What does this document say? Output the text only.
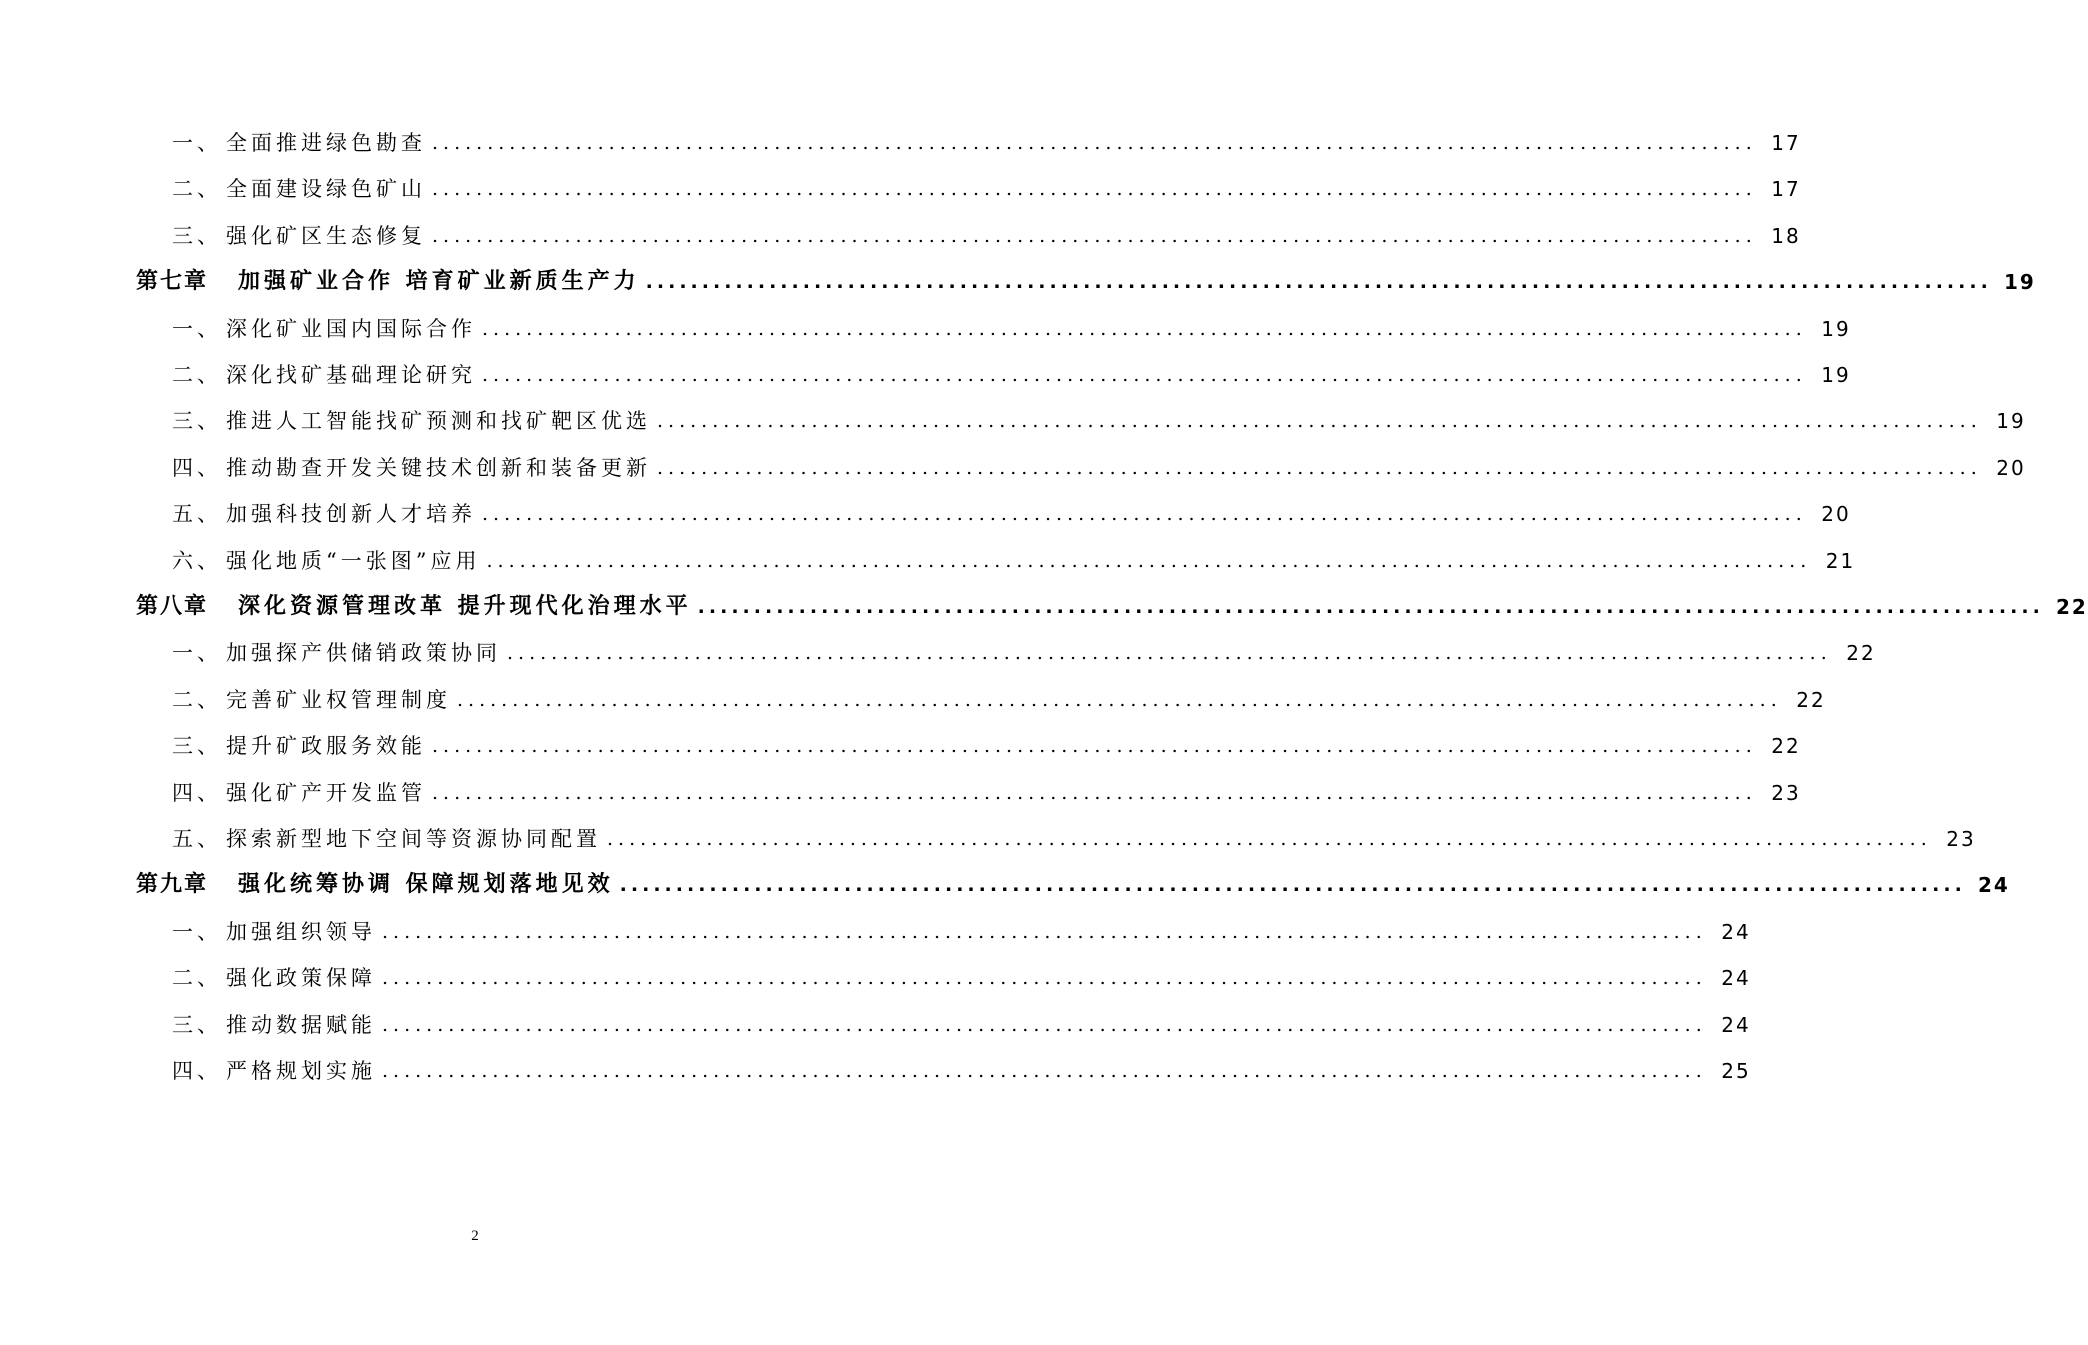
一、 全面推进绿色勘查 ........................................................................................................................ 17
二、 全面建设绿色矿山 ........................................................................................................................ 17
三、 强化矿区生态修复 ........................................................................................................................ 18
第七章	加强矿业合作 培育矿业新质生产力 ........................................................................................................................ 19
一、 深化矿业国内国际合作 ........................................................................................................................ 19
二、 深化找矿基础理论研究 ........................................................................................................................ 19
三、 推进人工智能找矿预测和找矿靶区优选 ........................................................................................................................ 19
四、 推动勘查开发关键技术创新和装备更新 ........................................................................................................................ 20
五、 加强科技创新人才培养 ........................................................................................................................ 20
六、 强化地质“一张图”应用 ........................................................................................................................ 21
第八章	深化资源管理改革 提升现代化治理水平 ........................................................................................................................ 22
一、 加强探产供储销政策协同 ........................................................................................................................ 22
二、 完善矿业权管理制度 ........................................................................................................................ 22
三、 提升矿政服务效能 ........................................................................................................................ 22
四、 强化矿产开发监管 ........................................................................................................................ 23
五、 探索新型地下空间等资源协同配置 ........................................................................................................................ 23
第九章	强化统筹协调 保障规划落地见效 ........................................................................................................................ 24
一、 加强组织领导 ........................................................................................................................ 24
二、 强化政策保障 ........................................................................................................................ 24
三、 推动数据赋能 ........................................................................................................................ 24
四、 严格规划实施 ........................................................................................................................ 25
2
